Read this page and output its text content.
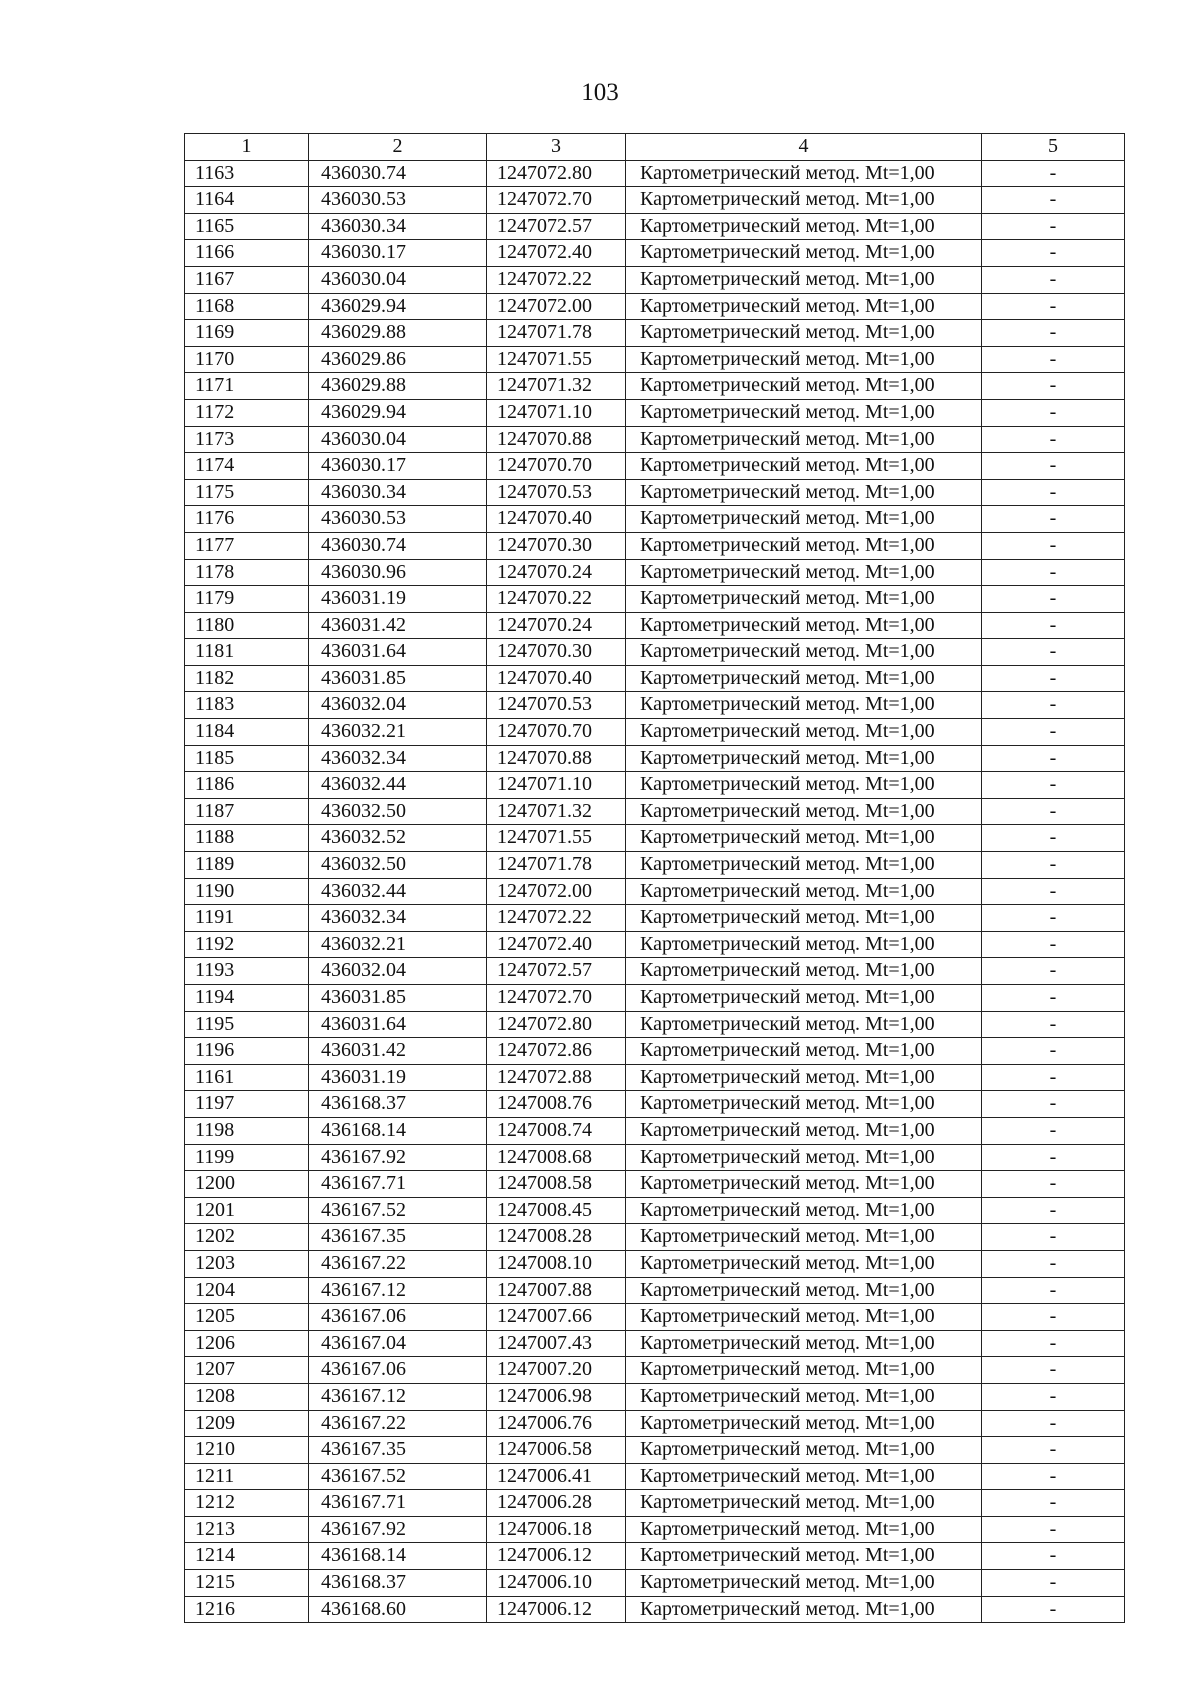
103
1	2	3	4	5
1163	436030.74	1247072.80	Картометрический метод. Mt=1,00	-
1164	436030.53	1247072.70	Картометрический метод. Mt=1,00	-
1165	436030.34	1247072.57	Картометрический метод. Mt=1,00	-
1166	436030.17	1247072.40	Картометрический метод. Mt=1,00	-
1167	436030.04	1247072.22	Картометрический метод. Mt=1,00	-
1168	436029.94	1247072.00	Картометрический метод. Mt=1,00	-
1169	436029.88	1247071.78	Картометрический метод. Mt=1,00	-
1170	436029.86	1247071.55	Картометрический метод. Mt=1,00	-
1171	436029.88	1247071.32	Картометрический метод. Mt=1,00	-
1172	436029.94	1247071.10	Картометрический метод. Mt=1,00	-
1173	436030.04	1247070.88	Картометрический метод. Mt=1,00	-
1174	436030.17	1247070.70	Картометрический метод. Mt=1,00	-
1175	436030.34	1247070.53	Картометрический метод. Mt=1,00	-
1176	436030.53	1247070.40	Картометрический метод. Mt=1,00	-
1177	436030.74	1247070.30	Картометрический метод. Mt=1,00	-
1178	436030.96	1247070.24	Картометрический метод. Mt=1,00	-
1179	436031.19	1247070.22	Картометрический метод. Mt=1,00	-
1180	436031.42	1247070.24	Картометрический метод. Mt=1,00	-
1181	436031.64	1247070.30	Картометрический метод. Mt=1,00	-
1182	436031.85	1247070.40	Картометрический метод. Mt=1,00	-
1183	436032.04	1247070.53	Картометрический метод. Mt=1,00	-
1184	436032.21	1247070.70	Картометрический метод. Mt=1,00	-
1185	436032.34	1247070.88	Картометрический метод. Mt=1,00	-
1186	436032.44	1247071.10	Картометрический метод. Mt=1,00	-
1187	436032.50	1247071.32	Картометрический метод. Mt=1,00	-
1188	436032.52	1247071.55	Картометрический метод. Mt=1,00	-
1189	436032.50	1247071.78	Картометрический метод. Mt=1,00	-
1190	436032.44	1247072.00	Картометрический метод. Mt=1,00	-
1191	436032.34	1247072.22	Картометрический метод. Mt=1,00	-
1192	436032.21	1247072.40	Картометрический метод. Mt=1,00	-
1193	436032.04	1247072.57	Картометрический метод. Mt=1,00	-
1194	436031.85	1247072.70	Картометрический метод. Mt=1,00	-
1195	436031.64	1247072.80	Картометрический метод. Mt=1,00	-
1196	436031.42	1247072.86	Картометрический метод. Mt=1,00	-
1161	436031.19	1247072.88	Картометрический метод. Mt=1,00	-
1197	436168.37	1247008.76	Картометрический метод. Mt=1,00	-
1198	436168.14	1247008.74	Картометрический метод. Mt=1,00	-
1199	436167.92	1247008.68	Картометрический метод. Mt=1,00	-
1200	436167.71	1247008.58	Картометрический метод. Mt=1,00	-
1201	436167.52	1247008.45	Картометрический метод. Mt=1,00	-
1202	436167.35	1247008.28	Картометрический метод. Mt=1,00	-
1203	436167.22	1247008.10	Картометрический метод. Mt=1,00	-
1204	436167.12	1247007.88	Картометрический метод. Mt=1,00	-
1205	436167.06	1247007.66	Картометрический метод. Mt=1,00	-
1206	436167.04	1247007.43	Картометрический метод. Mt=1,00	-
1207	436167.06	1247007.20	Картометрический метод. Mt=1,00	-
1208	436167.12	1247006.98	Картометрический метод. Mt=1,00	-
1209	436167.22	1247006.76	Картометрический метод. Mt=1,00	-
1210	436167.35	1247006.58	Картометрический метод. Mt=1,00	-
1211	436167.52	1247006.41	Картометрический метод. Mt=1,00	-
1212	436167.71	1247006.28	Картометрический метод. Mt=1,00	-
1213	436167.92	1247006.18	Картометрический метод. Mt=1,00	-
1214	436168.14	1247006.12	Картометрический метод. Mt=1,00	-
1215	436168.37	1247006.10	Картометрический метод. Mt=1,00	-
1216	436168.60	1247006.12	Картометрический метод. Mt=1,00	-
